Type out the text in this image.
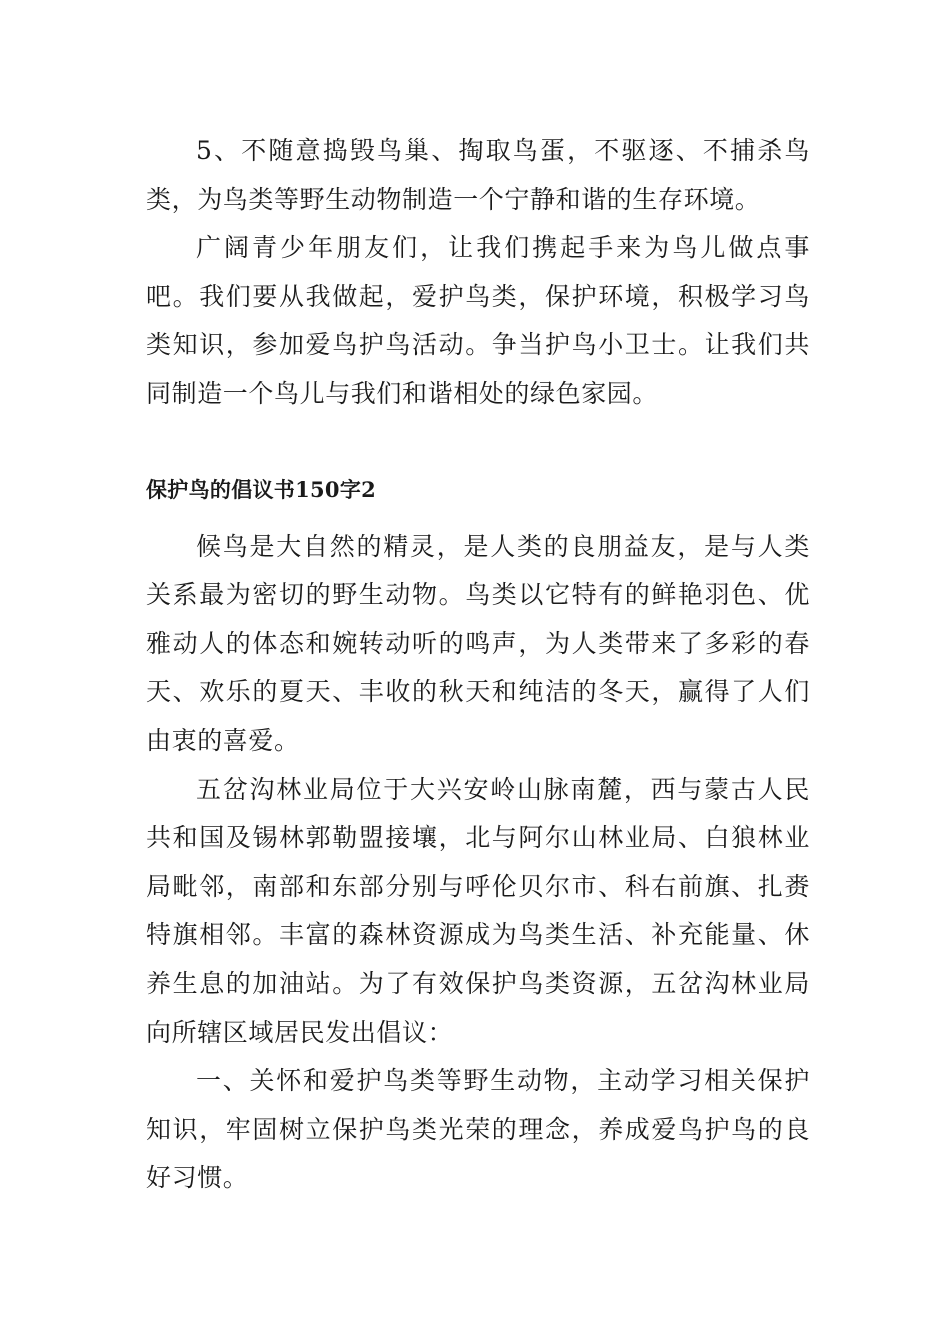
5、不随意捣毁鸟巢、掏取鸟蛋，不驱逐、不捕杀鸟类，为鸟类等野生动物制造一个宁静和谐的生存环境。

广阔青少年朋友们，让我们携起手来为鸟儿做点事吧。我们要从我做起，爱护鸟类，保护环境，积极学习鸟类知识，参加爱鸟护鸟活动。争当护鸟小卫士。让我们共同制造一个鸟儿与我们和谐相处的绿色家园。

保护鸟的倡议书150字2

候鸟是大自然的精灵，是人类的良朋益友，是与人类关系最为密切的野生动物。鸟类以它特有的鲜艳羽色、优雅动人的体态和婉转动听的鸣声，为人类带来了多彩的春天、欢乐的夏天、丰收的秋天和纯洁的冬天，赢得了人们由衷的喜爱。

五岔沟林业局位于大兴安岭山脉南麓，西与蒙古人民共和国及锡林郭勒盟接壤，北与阿尔山林业局、白狼林业局毗邻，南部和东部分别与呼伦贝尔市、科右前旗、扎赉特旗相邻。丰富的森林资源成为鸟类生活、补充能量、休养生息的加油站。为了有效保护鸟类资源，五岔沟林业局向所辖区域居民发出倡议：

一、关怀和爱护鸟类等野生动物，主动学习相关保护知识，牢固树立保护鸟类光荣的理念，养成爱鸟护鸟的良好习惯。
